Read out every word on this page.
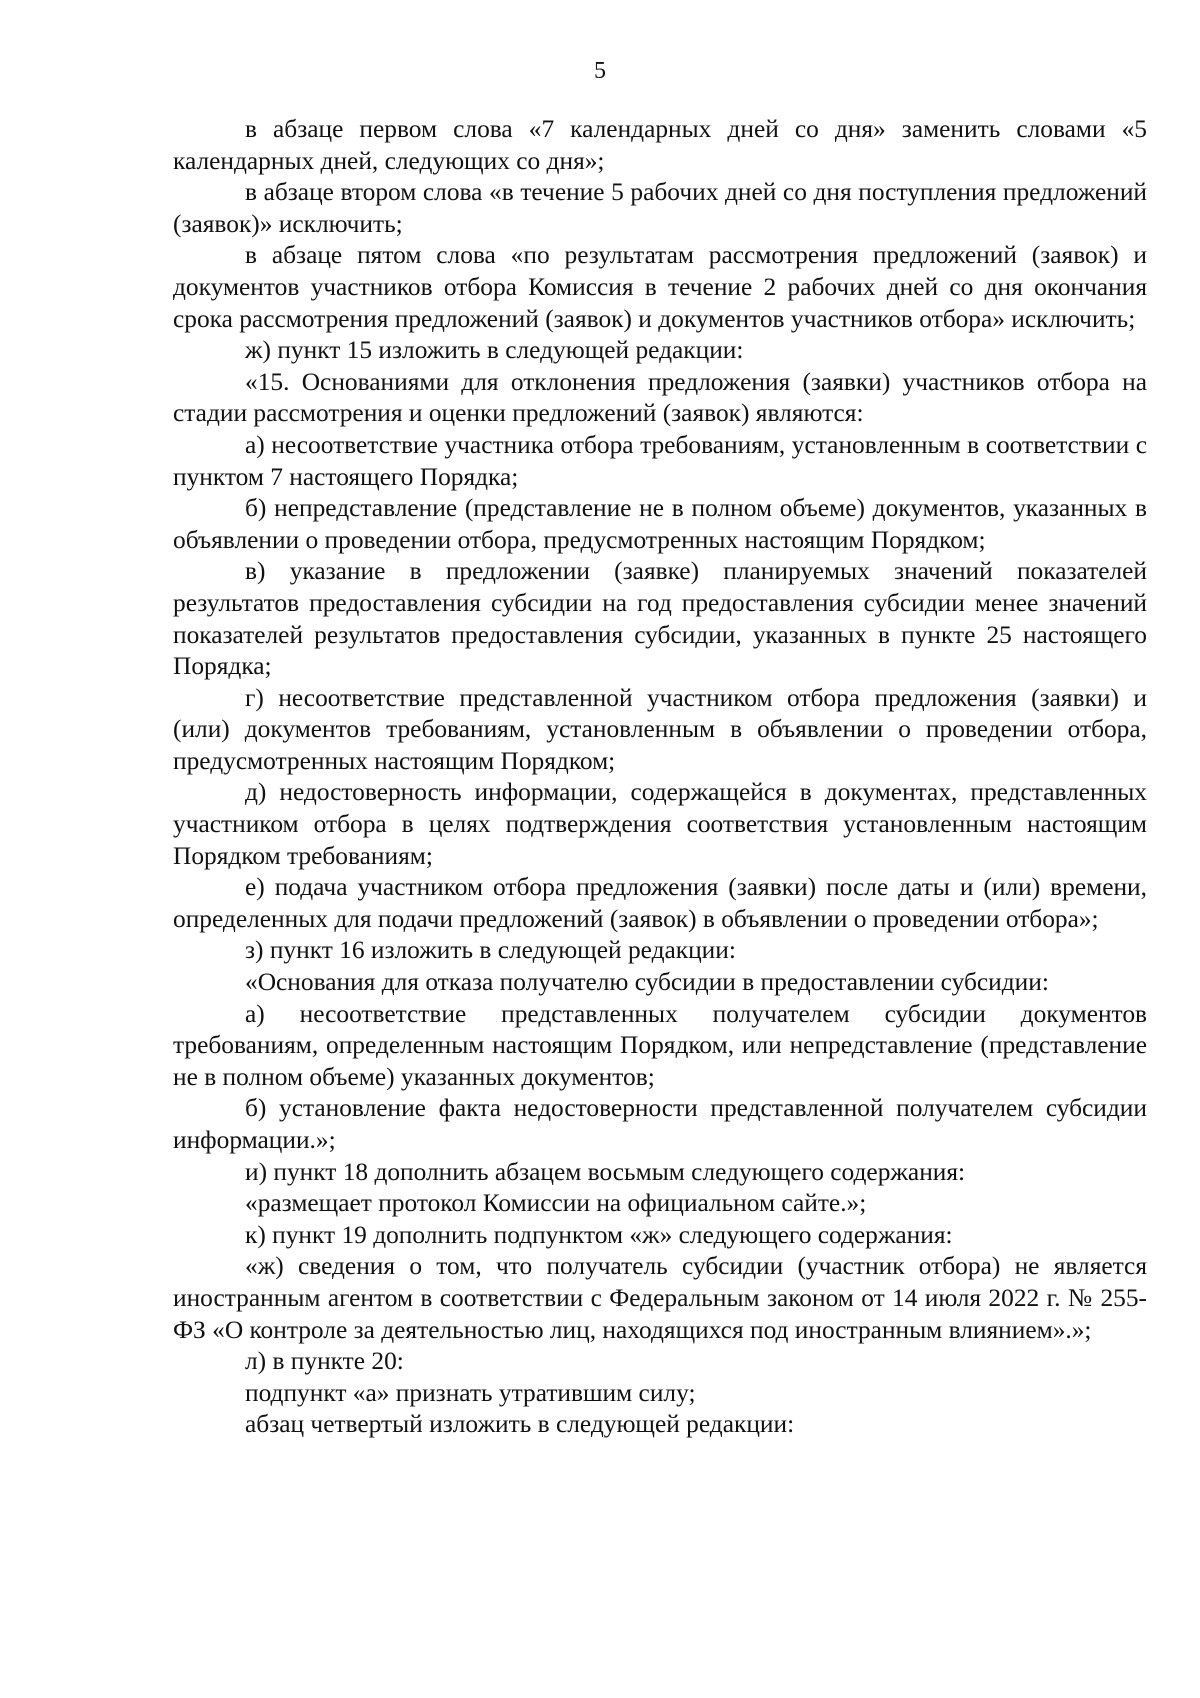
5

в абзаце первом слова «7 календарных дней со дня» заменить словами «5 календарных дней, следующих со дня»;

в абзаце втором слова «в течение 5 рабочих дней со дня поступления предложений (заявок)» исключить;

в абзаце пятом слова «по результатам рассмотрения предложений (заявок) и документов участников отбора Комиссия в течение 2 рабочих дней со дня окончания срока рассмотрения предложений (заявок) и документов участников отбора» исключить;

ж) пункт 15 изложить в следующей редакции:

«15. Основаниями для отклонения предложения (заявки) участников отбора на стадии рассмотрения и оценки предложений (заявок) являются:

а) несоответствие участника отбора требованиям, установленным в соответствии с пунктом 7 настоящего Порядка;

б) непредставление (представление не в полном объеме) документов, указанных в объявлении о проведении отбора, предусмотренных настоящим Порядком;

в) указание в предложении (заявке) планируемых значений показателей результатов предоставления субсидии на год предоставления субсидии менее значений показателей результатов предоставления субсидии, указанных в пункте 25 настоящего Порядка;

г) несоответствие представленной участником отбора предложения (заявки) и (или) документов требованиям, установленным в объявлении о проведении отбора, предусмотренных настоящим Порядком;

д) недостоверность информации, содержащейся в документах, представленных участником отбора в целях подтверждения соответствия установленным настоящим Порядком требованиям;

е) подача участником отбора предложения (заявки) после даты и (или) времени, определенных для подачи предложений (заявок) в объявлении о проведении отбора»;

з) пункт 16 изложить в следующей редакции:

«Основания для отказа получателю субсидии в предоставлении субсидии:

а) несоответствие представленных получателем субсидии документов требованиям, определенным настоящим Порядком, или непредставление (представление не в полном объеме) указанных документов;

б) установление факта недостоверности представленной получателем субсидии информации.»;

и) пункт 18 дополнить абзацем восьмым следующего содержания:

«размещает протокол Комиссии на официальном сайте.»;

к) пункт 19 дополнить подпунктом «ж» следующего содержания:

«ж) сведения о том, что получатель субсидии (участник отбора) не является иностранным агентом в соответствии с Федеральным законом от 14 июля 2022 г. № 255- ФЗ «О контроле за деятельностью лиц, находящихся под иностранным влиянием».»;

л) в пункте 20:

подпункт «а» признать утратившим силу;

абзац четвертый изложить в следующей редакции:
